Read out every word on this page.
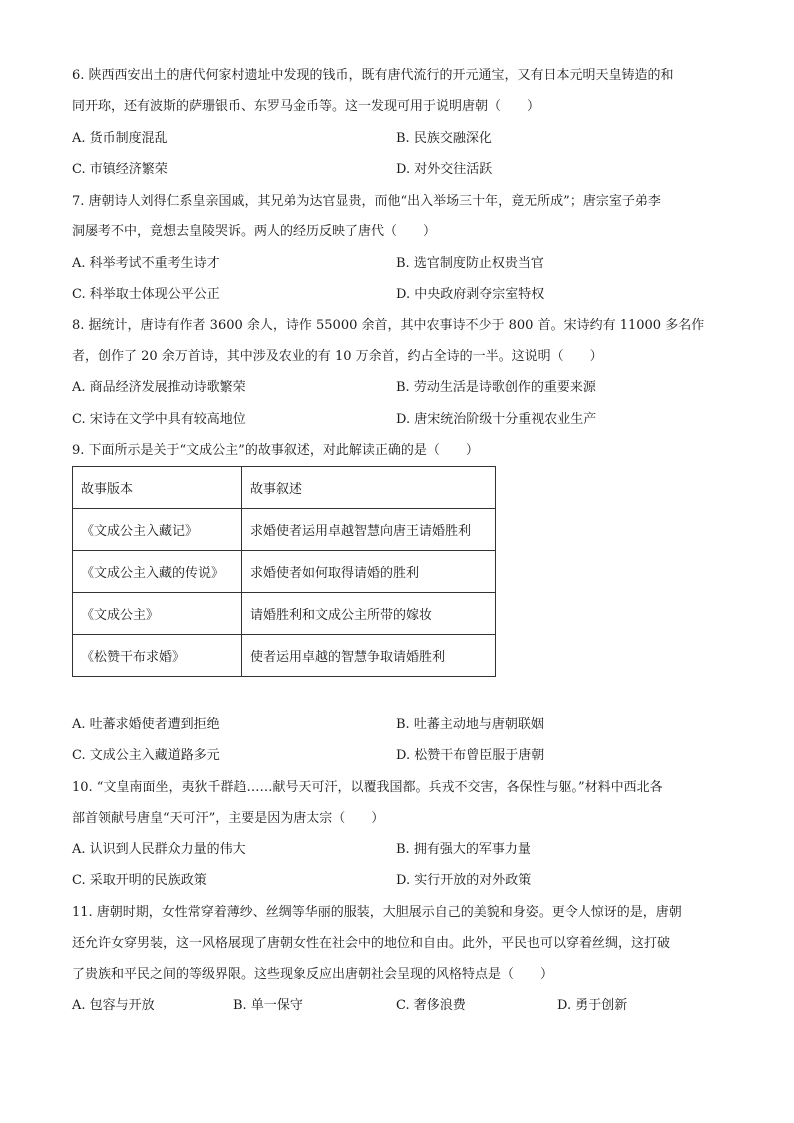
6. 陕西西安出土的唐代何家村遗址中发现的钱币，既有唐代流行的开元通宝，又有日本元明天皇铸造的和
同开珎，还有波斯的萨珊银币、东罗马金币等。这一发现可用于说明唐朝（　　）
A. 货币制度混乱	B. 民族交融深化
C. 市镇经济繁荣	D. 对外交往活跃
7. 唐朝诗人刘得仁系皇亲国戚，其兄弟为达官显贵，而他“出入举场三十年，竟无所成”；唐宗室子弟李
洞屡考不中，竟想去皇陵哭诉。两人的经历反映了唐代（　　）
A. 科举考试不重考生诗才	B. 选官制度防止权贵当官
C. 科举取士体现公平公正	D. 中央政府剥夺宗室特权
8. 据统计，唐诗有作者 3600 余人，诗作 55000 余首，其中农事诗不少于 800 首。宋诗约有 11000 多名作
者，创作了 20 余万首诗，其中涉及农业的有 10 万余首，约占全诗的一半。这说明（　　）
A. 商品经济发展推动诗歌繁荣	B. 劳动生活是诗歌创作的重要来源
C. 宋诗在文学中具有较高地位	D. 唐宋统治阶级十分重视农业生产
9. 下面所示是关于“文成公主”的故事叙述，对此解读正确的是（　　）
故事版本	故事叙述
《文成公主入藏记》	求婚使者运用卓越智慧向唐王请婚胜利
《文成公主入藏的传说》	求婚使者如何取得请婚的胜利
《文成公主》	请婚胜利和文成公主所带的嫁妆
《松赞干布求婚》	使者运用卓越的智慧争取请婚胜利
A. 吐蕃求婚使者遭到拒绝	B. 吐蕃主动地与唐朝联姻
C. 文成公主入藏道路多元	D. 松赞干布曾臣服于唐朝
10. “文皇南面坐，夷狄千群趋……献号天可汗，以覆我国都。兵戎不交害，各保性与躯。”材料中西北各
部首领献号唐皇“天可汗”，主要是因为唐太宗（　　）
A. 认识到人民群众力量的伟大	B. 拥有强大的军事力量
C. 采取开明的民族政策	D. 实行开放的对外政策
11. 唐朝时期，女性常穿着薄纱、丝绸等华丽的服装，大胆展示自己的美貌和身姿。更令人惊讶的是，唐朝
还允许女穿男装，这一风格展现了唐朝女性在社会中的地位和自由。此外，平民也可以穿着丝绸，这打破
了贵族和平民之间的等级界限。这些现象反应出唐朝社会呈现的风格特点是（　　）
A. 包容与开放	B. 单一保守	C. 奢侈浪费	D. 勇于创新
